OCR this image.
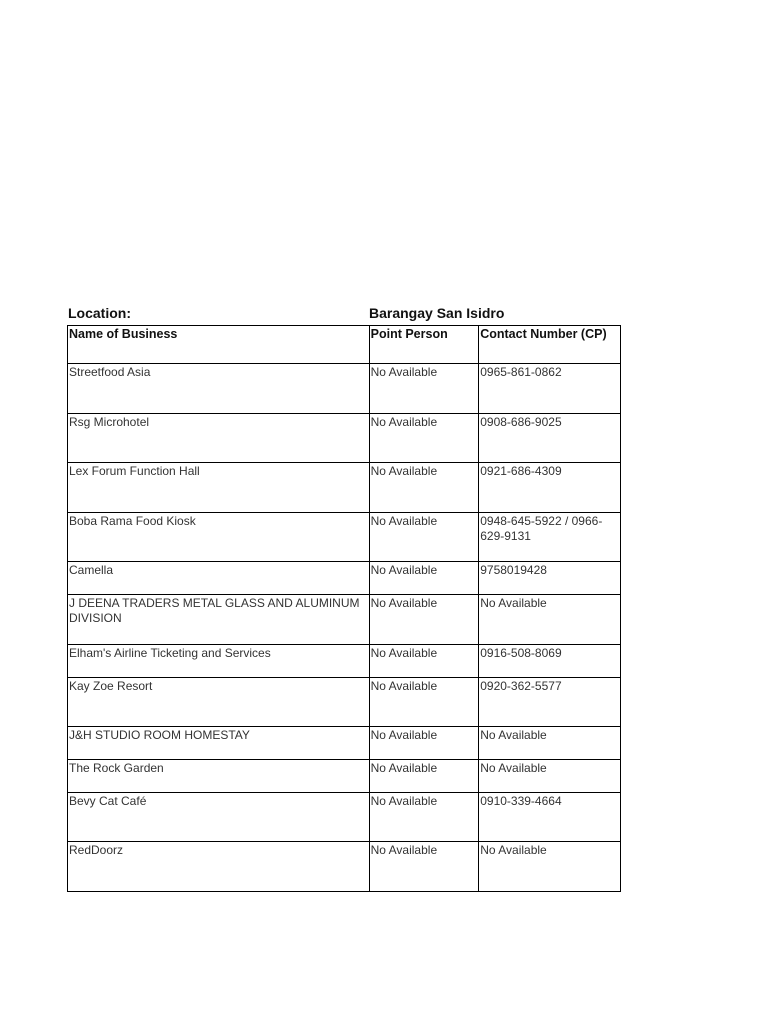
Location:	Barangay San Isidro
Name of Business	Point Person	Contact Number (CP)
Streetfood Asia	No Available	0965-861-0862
Rsg Microhotel	No Available	0908-686-9025
Lex Forum Function Hall	No Available	0921-686-4309
Boba Rama Food Kiosk	No Available	0948-645-5922 / 0966-629-9131
Camella	No Available	9758019428
J DEENA TRADERS METAL GLASS AND ALUMINUM DIVISION	No Available	No Available
Elham's Airline Ticketing and Services	No Available	0916-508-8069
Kay Zoe Resort	No Available	0920-362-5577
J&H STUDIO ROOM HOMESTAY	No Available	No Available
The Rock Garden	No Available	No Available
Bevy Cat Café	No Available	0910-339-4664
RedDoorz	No Available	No Available
